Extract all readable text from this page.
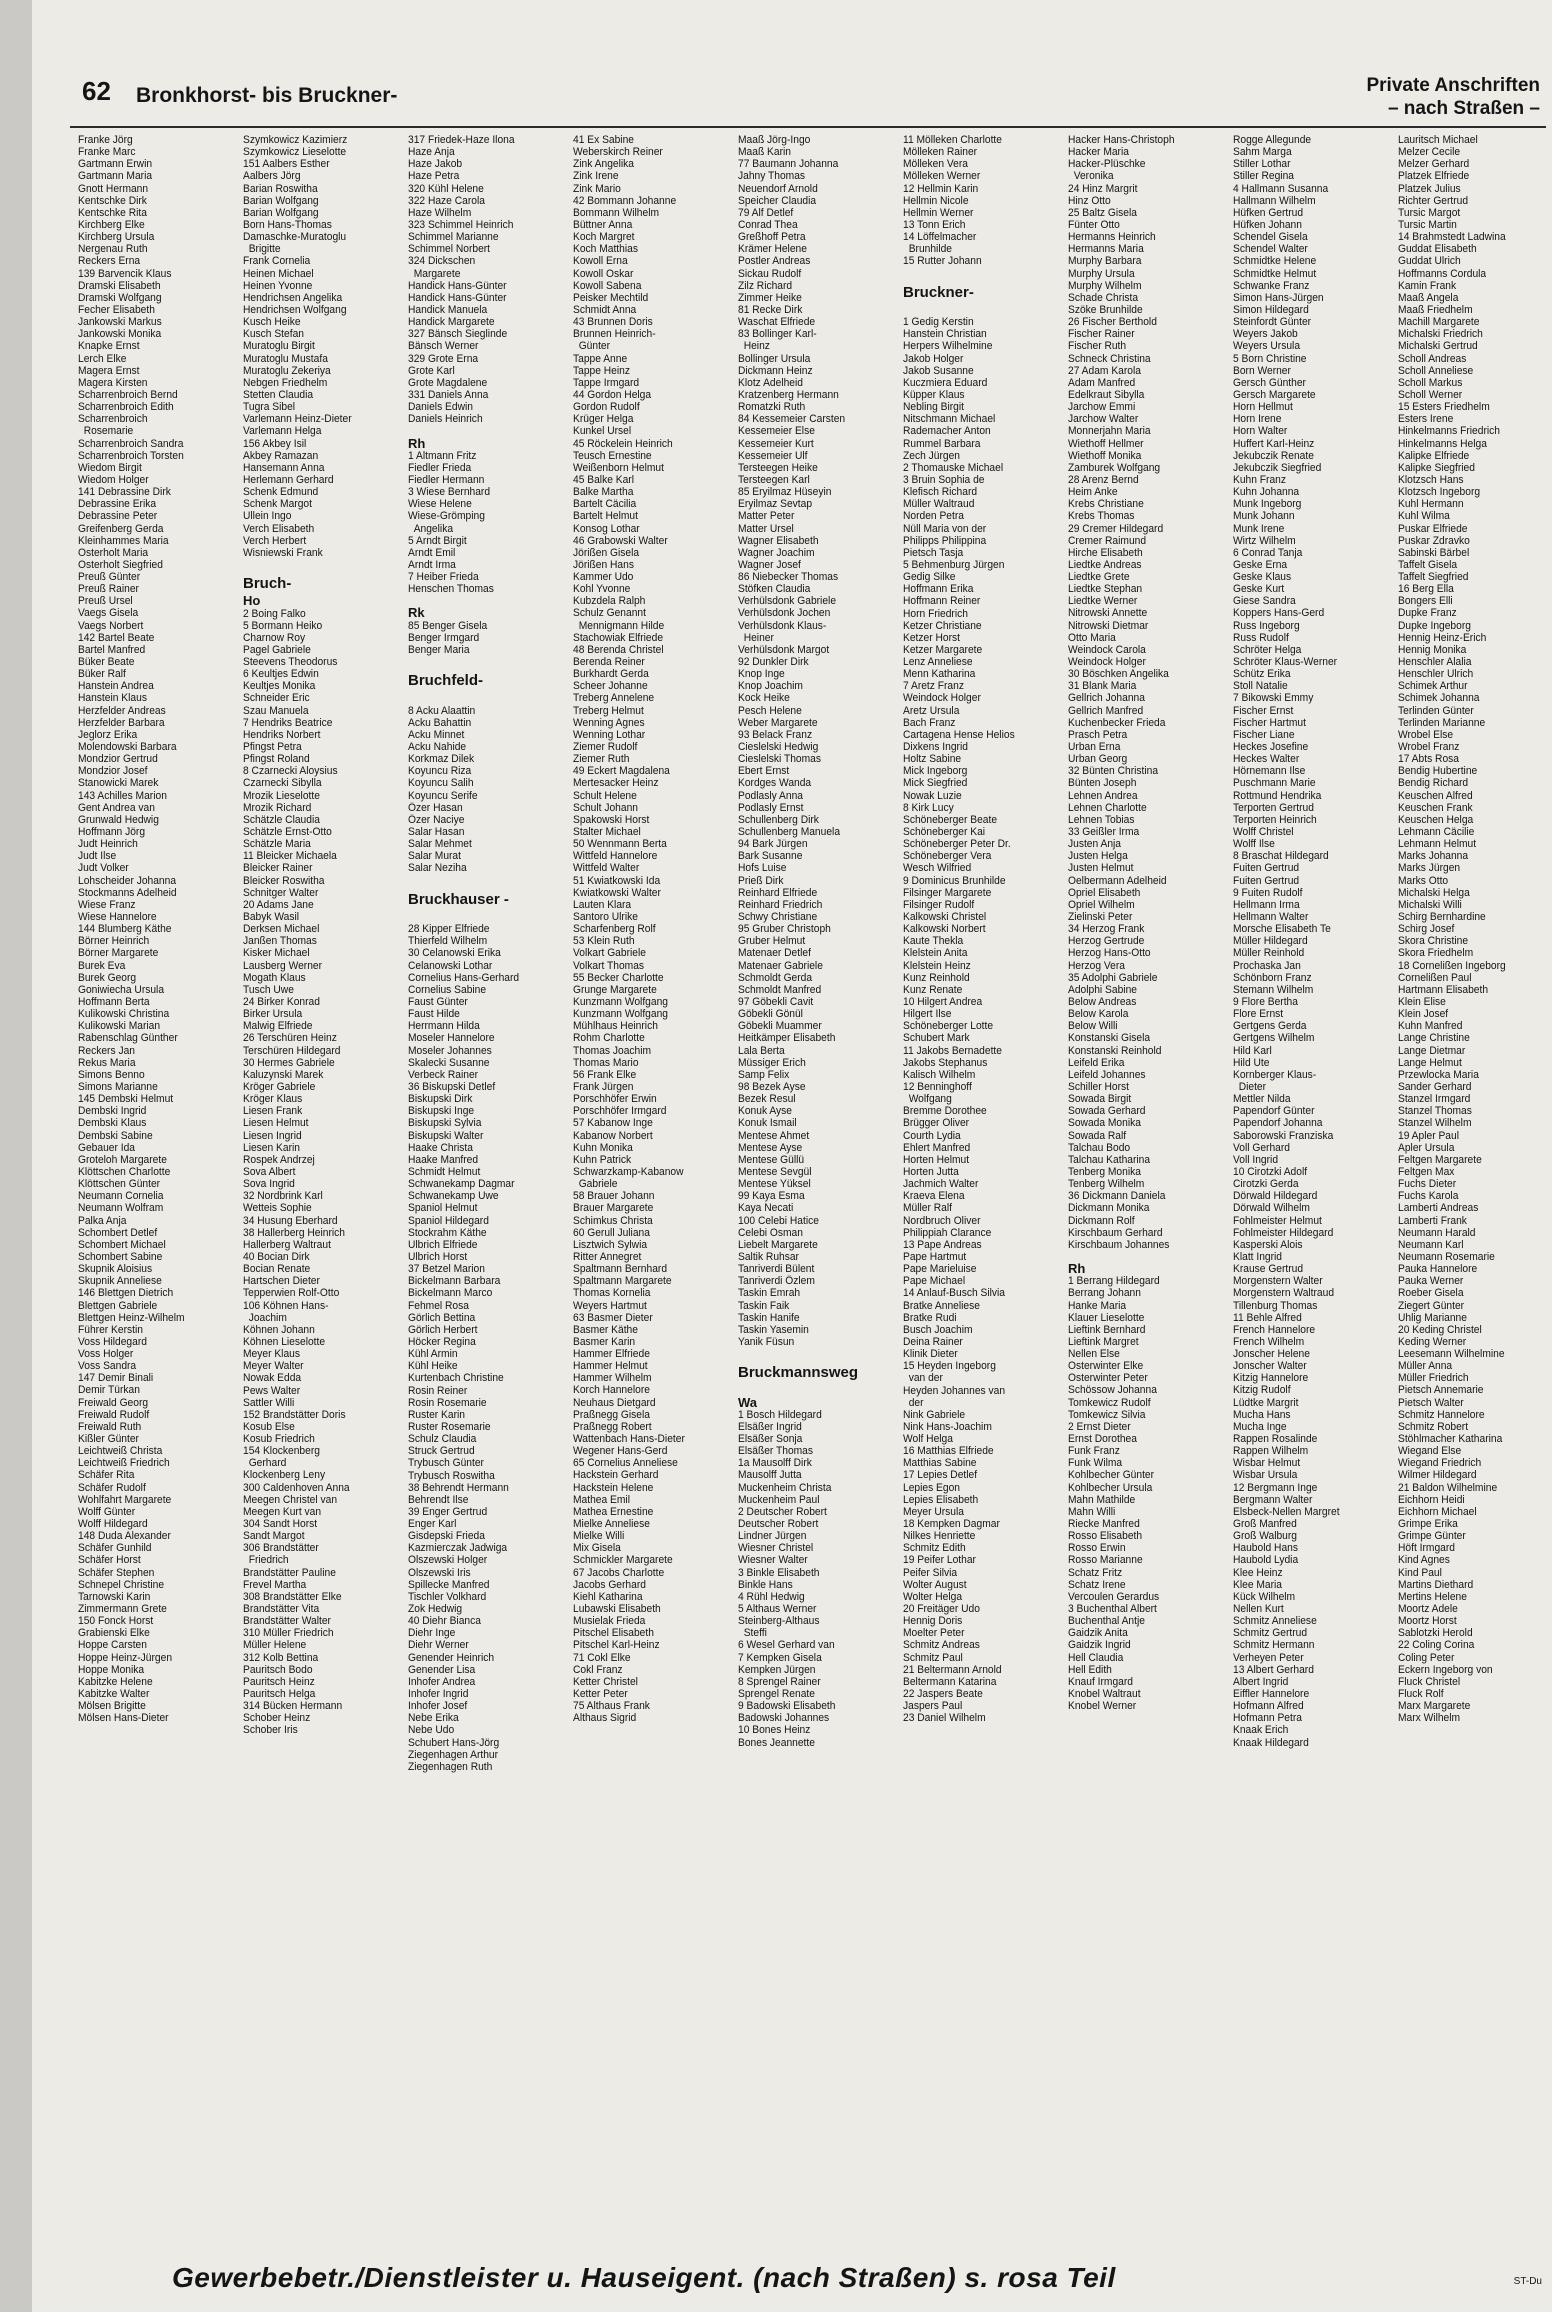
62 Bronkhorst- bis Bruckner-	Private Anschriften
– nach Straßen –
Franke Jörg
Franke Marc
Gartmann Erwin
Gartmann Maria
Gnott Hermann
Kentschke Dirk
Kentschke Rita
Kirchberg Elke
Kirchberg Ursula
Nergenau Ruth
Reckers Erna
139 Barvencik Klaus
Dramski Elisabeth
Dramski Wolfgang
Fecher Elisabeth
Jankowski Markus
Jankowski Monika
Knapke Ernst
Lerch Elke
Magera Ernst
Magera Kirsten
Scharrenbroich Bernd
Scharrenbroich Edith
Scharrenbroich
Rosemarie
Scharrenbroich Sandra
Scharrenbroich Torsten
Wiedom Birgit
Wiedom Holger
141 Debrassine Dirk
Debrassine Erika
Debrassine Peter
Greifenberg Gerda
Kleinhammes Maria
Osterholt Maria
Osterholt Siegfried
Preuß Günter
Preuß Rainer
Preuß Ursel
Vaegs Gisela
Vaegs Norbert
142 Bartel Beate
Bartel Manfred
Büker Beate
Büker Ralf
Hanstein Andrea
Hanstein Klaus
Herzfelder Andreas
Herzfelder Barbara
Jeglorz Erika
Molendowski Barbara
Mondzior Gertrud
Mondzior Josef
Stanowicki Marek
143 Achilles Marion
Gent Andrea van
Grunwald Hedwig
Hoffmann Jörg
Judt Heinrich
Judt Ilse
Judt Volker
Lohscheider Johanna
Stockmanns Adelheid
Wiese Franz
Wiese Hannelore
144 Blumberg Käthe
Börner Heinrich
Börner Margarete
Burek Eva
Burek Georg
Goniwiecha Ursula
Hoffmann Berta
Kulikowski Christina
Kulikowski Marian
Rabenschlag Günther
Reckers Jan
Rekus Maria
Simons Benno
Simons Marianne
145 Dembski Helmut
Dembski Ingrid
Dembski Klaus
Dembski Sabine
Gebauer Ida
Groteloh Margarete
Klöttschen Charlotte
Klöttschen Günter
Neumann Cornelia
Neumann Wolfram
Palka Anja
Schombert Detlef
Schombert Michael
Schombert Sabine
Skupnik Aloisius
Skupnik Anneliese
146 Blettgen Dietrich
Blettgen Gabriele
Blettgen Heinz-Wilhelm
Führer Kerstin
Voss Hildegard
Voss Holger
Voss Sandra
147 Demir Binali
Demir Türkan
Freiwald Georg
Freiwald Rudolf
Freiwald Ruth
Kißler Günter
Leichtweiß Christa
Leichtweiß Friedrich
Schäfer Rita
Schäfer Rudolf
Wohlfahrt Margarete
Wolff Günter
Wolff Hildegard
148 Duda Alexander
Schäfer Gunhild
Schäfer Horst
Schäfer Stephen
Schnepel Christine
Tarnowski Karin
Zimmermann Grete
150 Fonck Horst
Grabienski Elke
Hoppe Carsten
Hoppe Heinz-Jürgen
Hoppe Monika
Kabitzke Helene
Kabitzke Walter
Mölsen Brigitte
Mölsen Hans-Dieter
Szymkowicz Kazimierz
Szymkowicz Lieselotte
151 Aalbers Esther
Aalbers Jörg
Barian Roswitha
Barian Wolfgang
Barian Wolfgang
Born Hans-Thomas
Damaschke-Muratoglu
Brigitte
Frank Cornelia
Heinen Michael
Heinen Yvonne
Hendrichsen Angelika
Hendrichsen Wolfgang
Kusch Heike
Kusch Stefan
Muratoglu Birgit
Muratoglu Mustafa
Muratoglu Zekeriya
Nebgen Friedhelm
Stetten Claudia
Tugra Sibel
Varlemann Heinz-Dieter
Varlemann Helga
156 Akbey Isil
Akbey Ramazan
Hansemann Anna
Herlemann Gerhard
Schenk Edmund
Schenk Margot
Ullein Ingo
Verch Elisabeth
Verch Herbert
Wisniewski Frank
Bruch-
Ho
2 Boing Falko
5 Bormann Heiko
Charnow Roy
Pagel Gabriele
Steevens Theodorus
6 Keultjes Edwin
Keultjes Monika
Schneider Eric
Szau Manuela
7 Hendriks Beatrice
Hendriks Norbert
Pfingst Petra
Pfingst Roland
8 Czarnecki Aloysius
Czarnecki Sibylla
Mrozik Lieselotte
Mrozik Richard
Schätzle Claudia
Schätzle Ernst-Otto
Schätzle Maria
11 Bleicker Michaela
Bleicker Rainer
Bleicker Roswitha
Schnitger Walter
20 Adams Jane
Babyk Wasil
Derksen Michael
Janßen Thomas
Kisker Michael
Lausberg Werner
Mogath Klaus
Tusch Uwe
24 Birker Konrad
Birker Ursula
Malwig Elfriede
26 Terschüren Heinz
Terschüren Hildegard
30 Hermes Gabriele
Kaluzynski Marek
Kröger Gabriele
Kröger Klaus
Liesen Frank
Liesen Helmut
Liesen Ingrid
Liesen Karin
Rospek Andrzej
Sova Albert
Sova Ingrid
32 Nordbrink Karl
Wetteis Sophie
34 Husung Eberhard
38 Hallerberg Heinrich
Hallerberg Waltraut
40 Bocian Dirk
Bocian Renate
Hartschen Dieter
Tepperwien Rolf-Otto
106 Köhnen Hans-
Joachim
Köhnen Johann
Köhnen Lieselotte
Meyer Klaus
Meyer Walter
Nowak Edda
Pews Walter
Sattler Willi
152 Brandstätter Doris
Kosub Else
Kosub Friedrich
154 Klockenberg
Gerhard
Klockenberg Leny
300 Caldenhoven Anna
Meegen Christel van
Meegen Kurt van
304 Sandt Horst
Sandt Margot
306 Brandstätter
Friedrich
Brandstätter Pauline
Frevel Martha
308 Brandstätter Elke
Brandstätter Vita
Brandstätter Walter
310 Müller Friedrich
Müller Helene
312 Kolb Bettina
Pauritsch Bodo
Pauritsch Heinz
Pauritsch Helga
314 Bücken Hermann
Schober Heinz
Schober Iris
317 Friedek-Haze Ilona
Haze Anja
Haze Jakob
Haze Petra
320 Kühl Helene
322 Haze Carola
Haze Wilhelm
323 Schimmel Heinrich
Schimmel Marianne
Schimmel Norbert
324 Dickschen
Margarete
Handick Hans-Günter
Handick Hans-Günter
Handick Manuela
Handick Margarete
327 Bänsch Sieglinde
Bänsch Werner
329 Grote Erna
Grote Karl
Grote Magdalene
331 Daniels Anna
Daniels Edwin
Daniels Heinrich
Rh
1 Altmann Fritz
Fiedler Frieda
Fiedler Hermann
3 Wiese Bernhard
Wiese Helene
Wiese-Grömping
Angelika
5 Arndt Birgit
Arndt Emil
Arndt Irma
7 Heiber Frieda
Henschen Thomas
Rk
85 Benger Gisela
Benger Irmgard
Benger Maria
Bruchfeld-
8 Acku Alaattin
Acku Bahattin
Acku Minnet
Acku Nahide
Korkmaz Dilek
Koyuncu Riza
Koyuncu Salih
Koyuncu Serife
Özer Hasan
Özer Naciye
Salar Hasan
Salar Mehmet
Salar Murat
Salar Neziha
Bruckhauser -
28 Kipper Elfriede
Thierfeld Wilhelm
30 Celanowski Erika
Celanowski Lothar
Cornelius Hans-Gerhard
Cornelius Sabine
Faust Günter
Faust Hilde
Herrmann Hilda
Moseler Hannelore
Moseler Johannes
Skalecki Susanne
Verbeck Rainer
36 Biskupski Detlef
Biskupski Dirk
Biskupski Inge
Biskupski Sylvia
Biskupski Walter
Haake Christa
Haake Manfred
Schmidt Helmut
Schwanekamp Dagmar
Schwanekamp Uwe
Spaniol Helmut
Spaniol Hildegard
Stockrahm Käthe
Ulbrich Elfriede
Ulbrich Horst
37 Betzel Marion
Bickelmann Barbara
Bickelmann Marco
Fehmel Rosa
Görlich Bettina
Görlich Herbert
Höcker Regina
Kühl Armin
Kühl Heike
Kurtenbach Christine
Rosin Reiner
Rosin Rosemarie
Ruster Karin
Ruster Rosemarie
Schulz Claudia
Struck Gertrud
Trybusch Günter
Trybusch Roswitha
38 Behrendt Hermann
Behrendt Ilse
39 Enger Gertrud
Enger Karl
Gisdepski Frieda
Kazmierczak Jadwiga
Olszewski Holger
Olszewski Iris
Spillecke Manfred
Tischler Volkhard
Zok Hedwig
40 Diehr Bianca
Diehr Inge
Diehr Werner
Genender Heinrich
Genender Lisa
Inhofer Andrea
Inhofer Ingrid
Inhofer Josef
Nebe Erika
Nebe Udo
Schubert Hans-Jörg
Ziegenhagen Arthur
Ziegenhagen Ruth
41 Ex Sabine
Weberskirch Reiner
Zink Angelika
Zink Irene
Zink Mario
42 Bommann Johanne
Bommann Wilhelm
Büttner Anna
Koch Margret
Koch Matthias
Kowoll Erna
Kowoll Oskar
Kowoll Sabena
Peisker Mechtild
Schmidt Anna
43 Brunnen Doris
Brunnen Heinrich-
Günter
Tappe Anne
Tappe Heinz
Tappe Irmgard
44 Gordon Helga
Gordon Rudolf
Krüger Helga
Kunkel Ursel
45 Röckelein Heinrich
Teusch Ernestine
Weißenborn Helmut
45 Balke Karl
Balke Martha
Bartelt Cäcilia
Bartelt Helmut
Konsog Lothar
46 Grabowski Walter
Jörißen Gisela
Jörißen Hans
Kammer Udo
Kohl Yvonne
Kubzdela Ralph
Schulz Genannt
Mennigmann Hilde
Stachowiak Elfriede
48 Berenda Christel
Berenda Reiner
Burkhardt Gerda
Scheer Johanne
Treberg Annelene
Treberg Helmut
Wenning Agnes
Wenning Lothar
Ziemer Rudolf
Ziemer Ruth
49 Eckert Magdalena
Mertesacker Heinz
Schult Helene
Schult Johann
Spakowski Horst
Stalter Michael
50 Wennmann Berta
Wittfeld Hannelore
Wittfeld Walter
51 Kwiatkowski Ida
Kwiatkowski Walter
Lauten Klara
Santoro Ulrike
Scharfenberg Rolf
53 Klein Ruth
Volkart Gabriele
Volkart Thomas
55 Becker Charlotte
Grunge Margarete
Kunzmann Wolfgang
Kunzmann Wolfgang
Mühlhaus Heinrich
Rohm Charlotte
Thomas Joachim
Thomas Mario
56 Frank Elke
Frank Jürgen
Porschhöfer Erwin
Porschhöfer Irmgard
57 Kabanow Inge
Kabanow Norbert
Kuhn Monika
Kuhn Patrick
Schwarzkamp-Kabanow
Gabriele
58 Brauer Johann
Brauer Margarete
Schimkus Christa
60 Gerull Juliana
Lisztwich Sylwia
Ritter Annegret
Spaltmann Bernhard
Spaltmann Margarete
Thomas Kornelia
Weyers Hartmut
63 Basmer Dieter
Basmer Käthe
Basmer Karin
Hammer Elfriede
Hammer Helmut
Hammer Wilhelm
Korch Hannelore
Neuhaus Dietgard
Praßnegg Gisela
Praßnegg Robert
Wattenbach Hans-Dieter
Wegener Hans-Gerd
65 Cornelius Anneliese
Hackstein Gerhard
Hackstein Helene
Mathea Emil
Mathea Ernestine
Mielke Anneliese
Mielke Willi
Mix Gisela
Schmickler Margarete
67 Jacobs Charlotte
Jacobs Gerhard
Kiehl Katharina
Lubawski Elisabeth
Musielak Frieda
Pitschel Elisabeth
Pitschel Karl-Heinz
71 Cokl Elke
Cokl Franz
Ketter Christel
Ketter Peter
75 Althaus Frank
Althaus Sigrid
Maaß Jörg-Ingo
Maaß Karin
77 Baumann Johanna
Jahny Thomas
Neuendorf Arnold
Speicher Claudia
79 Alf Detlef
Conrad Thea
Greßhoff Petra
Krämer Helene
Postler Andreas
Sickau Rudolf
Zilz Richard
Zimmer Heike
81 Recke Dirk
Waschat Elfriede
83 Bollinger Karl-
Heinz
Bollinger Ursula
Dickmann Heinz
Klotz Adelheid
Kratzenberg Hermann
Romatzki Ruth
84 Kessemeier Carsten
Kessemeier Else
Kessemeier Kurt
Kessemeier Ulf
Tersteegen Heike
Tersteegen Karl
85 Eryilmaz Hüseyin
Eryilmaz Sevtap
Matter Peter
Matter Ursel
Wagner Elisabeth
Wagner Joachim
Wagner Josef
86 Niebecker Thomas
Stöfken Claudia
Verhülsdonk Gabriele
Verhülsdonk Jochen
Verhülsdonk Klaus-
Heiner
Verhülsdonk Margot
92 Dunkler Dirk
Knop Inge
Knop Joachim
Kock Heike
Pesch Helene
Weber Margarete
93 Belack Franz
Cieslelski Hedwig
Cieslelski Thomas
Ebert Ernst
Kordges Wanda
Podlasly Anna
Podlasly Ernst
Schullenberg Dirk
Schullenberg Manuela
94 Bark Jürgen
Bark Susanne
Hofs Luise
Prieß Dirk
Reinhard Elfriede
Reinhard Friedrich
Schwy Christiane
95 Gruber Christoph
Gruber Helmut
Matenaer Detlef
Matenaer Gabriele
Schmoldt Gerda
Schmoldt Manfred
97 Göbekli Cavit
Göbekli Gönül
Göbekli Muammer
Heitkämper Elisabeth
Lala Berta
Müssiger Erich
Samp Felix
98 Bezek Ayse
Bezek Resul
Konuk Ayse
Konuk Ismail
Mentese Ahmet
Mentese Ayse
Mentese Güllü
Mentese Sevgül
Mentese Yüksel
99 Kaya Esma
Kaya Necati
100 Celebi Hatice
Celebi Osman
Liebelt Margarete
Saltik Ruhsar
Tanriverdi Bülent
Tanriverdi Özlem
Taskin Emrah
Taskin Faik
Taskin Hanife
Taskin Yasemin
Yanik Füsun
Bruckmannsweg
Wa
1 Bosch Hildegard
Elsäßer Ingrid
Elsäßer Sonja
Elsäßer Thomas
1a Mausolff Dirk
Mausolff Jutta
Muckenheim Christa
Muckenheim Paul
2 Deutscher Robert
Deutscher Robert
Lindner Jürgen
Wiesner Christel
Wiesner Walter
3 Binkle Elisabeth
Binkle Hans
4 Rühl Hedwig
5 Althaus Werner
Steinberg-Althaus
Steffi
6 Wesel Gerhard van
7 Kempken Gisela
Kempken Jürgen
8 Sprengel Rainer
Sprengel Renate
9 Badowski Elisabeth
Badowski Johannes
10 Bones Heinz
Bones Jeannette
11 Mölleken Charlotte
Mölleken Rainer
Mölleken Vera
Mölleken Werner
12 Hellmin Karin
Hellmin Nicole
Hellmin Werner
13 Tonn Erich
14 Löffelmacher
Brunhilde
15 Rutter Johann
Bruckner-
1 Gedig Kerstin
Hanstein Christian
Herpers Wilhelmine
Jakob Holger
Jakob Susanne
Kuczmiera Eduard
Küpper Klaus
Nebling Birgit
Nitschmann Michael
Rademacher Anton
Rummel Barbara
Zech Jürgen
2 Thomauske Michael
3 Bruin Sophia de
Klefisch Richard
Müller Waltraud
Norden Petra
Nüll Maria von der
Philipps Philippina
Pietsch Tasja
5 Behmenburg Jürgen
Gedig Silke
Hoffmann Erika
Hoffmann Reiner
Horn Friedrich
Ketzer Christiane
Ketzer Horst
Ketzer Margarete
Lenz Anneliese
Menn Katharina
7 Aretz Franz
Weindock Holger
Aretz Ursula
Bach Franz
Cartagena Hense Helios
Dixkens Ingrid
Holtz Sabine
Mick Ingeborg
Mick Siegfried
Nowak Luzie
8 Kirk Lucy
Schöneberger Beate
Schöneberger Kai
Schöneberger Peter Dr.
Schöneberger Vera
Wesch Wilfried
9 Dominicus Brunhilde
Filsinger Margarete
Filsinger Rudolf
Kalkowski Christel
Kalkowski Norbert
Kaute Thekla
Klelstein Anita
Klelstein Heinz
Kunz Reinhold
Kunz Renate
10 Hilgert Andrea
Hilgert Ilse
Schöneberger Lotte
Schubert Mark
11 Jakobs Bernadette
Jakobs Stephanus
Kalisch Wilhelm
12 Benninghoff
Wolfgang
Bremme Dorothee
Brügger Oliver
Courth Lydia
Ehlert Manfred
Horten Helmut
Horten Jutta
Jachmich Walter
Kraeva Elena
Müller Ralf
Nordbruch Oliver
Philippiah Clarance
13 Pape Andreas
Pape Hartmut
Pape Marieluise
Pape Michael
14 Anlauf-Busch Silvia
Bratke Anneliese
Bratke Rudi
Busch Joachim
Deina Rainer
Klinik Dieter
15 Heyden Ingeborg
van der
Heyden Johannes van
der
Nink Gabriele
Nink Hans-Joachim
Wolf Helga
16 Matthias Elfriede
Matthias Sabine
17 Lepies Detlef
Lepies Egon
Lepies Elisabeth
Meyer Ursula
18 Kempken Dagmar
Nilkes Henriette
Schmitz Edith
19 Peifer Lothar
Peifer Silvia
Wolter August
Wolter Helga
20 Freitäger Udo
Hennig Doris
Moelter Peter
Schmitz Andreas
Schmitz Paul
21 Beltermann Arnold
Beltermann Katarina
22 Jaspers Beate
Jaspers Paul
23 Daniel Wilhelm
Hacker Hans-Christoph
Hacker Maria
Hacker-Plüschke
Veronika
24 Hinz Margrit
Hinz Otto
25 Baltz Gisela
Fünter Otto
Hermanns Heinrich
Hermanns Maria
Murphy Barbara
Murphy Ursula
Murphy Wilhelm
Schade Christa
Szöke Brunhilde
26 Fischer Berthold
Fischer Rainer
Fischer Ruth
Schneck Christina
27 Adam Karola
Adam Manfred
Edelkraut Sibylla
Jarchow Emmi
Jarchow Walter
Monnerjahn Maria
Wiethoff Hellmer
Wiethoff Monika
Zamburek Wolfgang
28 Arenz Bernd
Heim Anke
Krebs Christiane
Krebs Thomas
29 Cremer Hildegard
Cremer Raimund
Hirche Elisabeth
Liedtke Andreas
Liedtke Grete
Liedtke Stephan
Liedtke Werner
Nitrowski Annette
Nitrowski Dietmar
Otto Maria
Weindock Carola
Weindock Holger
30 Böschken Angelika
31 Blank Maria
Gellrich Johanna
Gellrich Manfred
Kuchenbecker Frieda
Prasch Petra
Urban Erna
Urban Georg
32 Bünten Christina
Bünten Joseph
Lehnen Andrea
Lehnen Charlotte
Lehnen Tobias
33 Geißler Irma
Justen Anja
Justen Helga
Justen Helmut
Oelbermann Adelheid
Opriel Elisabeth
Opriel Wilhelm
Zielinski Peter
34 Herzog Frank
Herzog Gertrude
Herzog Hans-Otto
Herzog Vera
35 Adolphi Gabriele
Adolphi Sabine
Below Andreas
Below Karola
Below Willi
Konstanski Gisela
Konstanski Reinhold
Leifeld Erika
Leifeld Johannes
Schiller Horst
Sowada Birgit
Sowada Gerhard
Sowada Monika
Sowada Ralf
Talchau Bodo
Talchau Katharina
Tenberg Monika
Tenberg Wilhelm
36 Dickmann Daniela
Dickmann Monika
Dickmann Rolf
Kirschbaum Gerhard
Kirschbaum Johannes
Rh
1 Berrang Hildegard
Berrang Johann
Hanke Maria
Klauer Lieselotte
Lieftink Bernhard
Lieftink Margret
Nellen Else
Osterwinter Elke
Osterwinter Peter
Schössow Johanna
Tomkewicz Rudolf
Tomkewicz Silvia
2 Ernst Dieter
Ernst Dorothea
Funk Franz
Funk Wilma
Kohlbecher Günter
Kohlbecher Ursula
Mahn Mathilde
Mahn Willi
Riecke Manfred
Rosso Elisabeth
Rosso Erwin
Rosso Marianne
Schatz Fritz
Schatz Irene
Vercoulen Gerardus
3 Buchenthal Albert
Buchenthal Antje
Gaidzik Anita
Gaidzik Ingrid
Hell Claudia
Hell Edith
Knauf Irmgard
Knobel Waltraut
Knobel Werner
Rogge Allegunde
Sahm Marga
Stiller Lothar
Stiller Regina
4 Hallmann Susanna
Hallmann Wilhelm
Hüfken Gertrud
Hüfken Johann
Schendel Gisela
Schendel Walter
Schmidtke Helene
Schmidtke Helmut
Schwanke Franz
Simon Hans-Jürgen
Simon Hildegard
Steinfordt Günter
Weyers Jakob
Weyers Ursula
5 Born Christine
Born Werner
Gersch Günther
Gersch Margarete
Horn Hellmut
Horn Irene
Horn Walter
Huffert Karl-Heinz
Jekubczik Renate
Jekubczik Siegfried
Kuhn Franz
Kuhn Johanna
Munk Ingeborg
Munk Johann
Munk Irene
Wirtz Wilhelm
6 Conrad Tanja
Geske Erna
Geske Klaus
Geske Kurt
Giese Sandra
Koppers Hans-Gerd
Russ Ingeborg
Russ Rudolf
Schröter Helga
Schröter Klaus-Werner
Schütz Erika
Stoll Natalie
7 Bikowski Emmy
Fischer Ernst
Fischer Hartmut
Fischer Liane
Heckes Josefine
Heckes Walter
Hörnemann Ilse
Puschmann Marie
Rottmund Hendrika
Terporten Gertrud
Terporten Heinrich
Wolff Christel
Wolff Ilse
8 Braschat Hildegard
Fuiten Gertrud
Fuiten Gertrud
9 Fuiten Rudolf
Hellmann Irma
Hellmann Walter
Morsche Elisabeth Te
Müller Hildegard
Müller Reinhold
Prochaska Jan
Schönborn Franz
Stemann Wilhelm
9 Flore Bertha
Flore Ernst
Gertgens Gerda
Gertgens Wilhelm
Hild Karl
Hild Ute
Kornberger Klaus-
Dieter
Mettler Nilda
Papendorf Günter
Papendorf Johanna
Saborowski Franziska
Voll Gerhard
Voll Ingrid
10 Cirotzki Adolf
Cirotzki Gerda
Dörwald Hildegard
Dörwald Wilhelm
Fohlmeister Helmut
Fohlmeister Hildegard
Kasperski Alois
Klatt Ingrid
Krause Gertrud
Morgenstern Walter
Morgenstern Waltraud
Tillenburg Thomas
11 Behle Alfred
French Hannelore
French Wilhelm
Jonscher Helene
Jonscher Walter
Kitzig Hannelore
Kitzig Rudolf
Lüdtke Margrit
Mucha Hans
Mucha Inge
Rappen Rosalinde
Rappen Wilhelm
Wisbar Helmut
Wisbar Ursula
12 Bergmann Inge
Bergmann Walter
Elsbeck-Nellen Margret
Groß Manfred
Groß Walburg
Haubold Hans
Haubold Lydia
Klee Heinz
Klee Maria
Kück Wilhelm
Nellen Kurt
Schmitz Anneliese
Schmitz Gertrud
Schmitz Hermann
Verheyen Peter
13 Albert Gerhard
Albert Ingrid
Eiffler Hannelore
Hofmann Alfred
Hofmann Petra
Knaak Erich
Knaak Hildegard
Lauritsch Michael
Melzer Cecile
Melzer Gerhard
Platzek Elfriede
Platzek Julius
Richter Gertrud
Tursic Margot
Tursic Martin
14 Brahmstedt Ladwina
Guddat Elisabeth
Guddat Ulrich
Hoffmanns Cordula
Kamin Frank
Maaß Angela
Maaß Friedhelm
Machill Margarete
Michalski Friedrich
Michalski Gertrud
Scholl Andreas
Scholl Anneliese
Scholl Markus
Scholl Werner
15 Esters Friedhelm
Esters Irene
Hinkelmanns Friedrich
Hinkelmanns Helga
Kalipke Elfriede
Kalipke Siegfried
Klotzsch Hans
Klotzsch Ingeborg
Kuhl Hermann
Kuhl Wilma
Puskar Elfriede
Puskar Zdravko
Sabinski Bärbel
Taffelt Gisela
Taffelt Siegfried
16 Berg Ella
Bongers Elli
Dupke Franz
Dupke Ingeborg
Hennig Heinz-Erich
Hennig Monika
Henschler Alalia
Henschler Ulrich
Schimek Arthur
Schimek Johanna
Terlinden Günter
Terlinden Marianne
Wrobel Else
Wrobel Franz
17 Abts Rosa
Bendig Hubertine
Bendig Richard
Keuschen Alfred
Keuschen Frank
Keuschen Helga
Lehmann Cäcilie
Lehmann Helmut
Marks Johanna
Marks Jürgen
Marks Otto
Michalski Helga
Michalski Willi
Schirg Bernhardine
Schirg Josef
Skora Christine
Skora Friedhelm
18 Cornelißen Ingeborg
Cornelißen Paul
Hartmann Elisabeth
Klein Elise
Klein Josef
Kuhn Manfred
Lange Christine
Lange Dietmar
Lange Helmut
Przewlocka Maria
Sander Gerhard
Stanzel Irmgard
Stanzel Thomas
Stanzel Wilhelm
19 Apler Paul
Apler Ursula
Feltgen Margarete
Feltgen Max
Fuchs Dieter
Fuchs Karola
Lamberti Andreas
Lamberti Frank
Neumann Harald
Neumann Karl
Neumann Rosemarie
Pauka Hannelore
Pauka Werner
Roeber Gisela
Ziegert Günter
Uhlig Marianne
20 Keding Christel
Keding Werner
Leesemann Wilhelmine
Müller Anna
Müller Friedrich
Pietsch Annemarie
Pietsch Walter
Schmitz Hannelore
Schmitz Robert
Stöhlmacher Katharina
Wiegand Else
Wiegand Friedrich
Wilmer Hildegard
21 Baldon Wilhelmine
Eichhorn Heidi
Eichhorn Michael
Grimpe Erika
Grimpe Günter
Höft Irmgard
Kind Agnes
Kind Paul
Martins Diethard
Mertins Helene
Moortz Adele
Moortz Horst
Sablotzki Herold
22 Coling Corina
Coling Peter
Eckern Ingeborg von
Fluck Christel
Fluck Rolf
Marx Margarete
Marx Wilhelm
Gewerbebetr./Dienstleister u. Hauseigent. (nach Straßen) s. rosa Teil	ST-Du
